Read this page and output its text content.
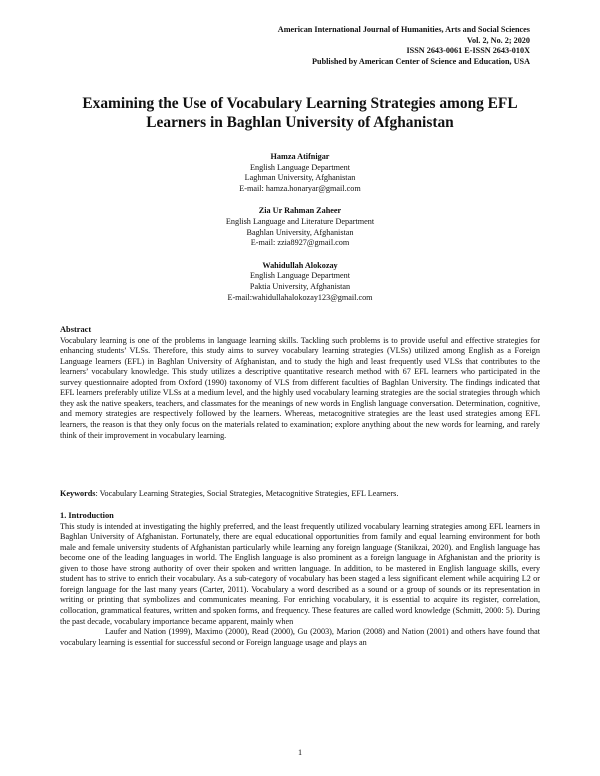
American International Journal of Humanities, Arts and Social Sciences
Vol. 2, No. 2; 2020
ISSN 2643-0061 E-ISSN 2643-010X
Published by American Center of Science and Education, USA
Examining the Use of Vocabulary Learning Strategies among EFL Learners in Baghlan University of Afghanistan
Hamza Atifnigar
English Language Department
Laghman University, Afghanistan
E-mail: hamza.honaryar@gmail.com
Zia Ur Rahman Zaheer
English Language and Literature Department
Baghlan University, Afghanistan
E-mail: zzia8927@gmail.com
Wahidullah Alokozay
English Language Department
Paktia University, Afghanistan
E-mail:wahidullahalokozay123@gmail.com
Abstract
Vocabulary learning is one of the problems in language learning skills. Tackling such problems is to provide useful and effective strategies for enhancing students’ VLSs. Therefore, this study aims to survey vocabulary learning strategies (VLSs) utilized among English as a Foreign Language learners (EFL) in Baghlan University of Afghanistan, and to study the high and least frequently used VLSs that contributes to the learners’ vocabulary knowledge. This study utilizes a descriptive quantitative research method with 67 EFL learners who participated in the survey questionnaire adopted from Oxford (1990) taxonomy of VLS from different faculties of Baghlan University. The findings indicated that EFL learners preferably utilize VLSs at a medium level, and the highly used vocabulary learning strategies are the social strategies through which they ask the native speakers, teachers, and classmates for the meanings of new words in English language conversation. Determination, cognitive, and memory strategies are respectively followed by the learners. Whereas, metacognitive strategies are the least used strategies among EFL learners, the reason is that they only focus on the materials related to examination; explore anything about the new words for learning, and rarely think of their improvement in vocabulary learning.
Keywords: Vocabulary Learning Strategies, Social Strategies, Metacognitive Strategies, EFL Learners.
1. Introduction
This study is intended at investigating the highly preferred, and the least frequently utilized vocabulary learning strategies among EFL learners in Baghlan University of Afghanistan. Fortunately, there are equal educational opportunities from family and equal learning environment for both male and female university students of Afghanistan particularly while learning any foreign language (Stanikzai, 2020). and English language has become one of the leading languages in world. The English language is also prominent as a foreign language in Afghanistan and the priority is given to those have strong authority of over their spoken and written language. In addition, to be mastered in English language skills, every student has to strive to enrich their vocabulary. As a sub-category of vocabulary has been staged a less significant element while acquiring L2 or foreign language for the last many years (Carter, 2011). Vocabulary a word described as a sound or a group of sounds or its representation in writing or printing that symbolizes and communicates meaning. For enriching vocabulary, it is essential to acquire its register, correlation, collocation, grammatical features, written and spoken forms, and frequency. These features are called word knowledge (Schmitt, 2000: 5). During the past decade, vocabulary importance became apparent, mainly when
Laufer and Nation (1999), Maximo (2000), Read (2000), Gu (2003), Marion (2008) and Nation (2001) and others have found that vocabulary learning is essential for successful second or Foreign language usage and plays an
1
